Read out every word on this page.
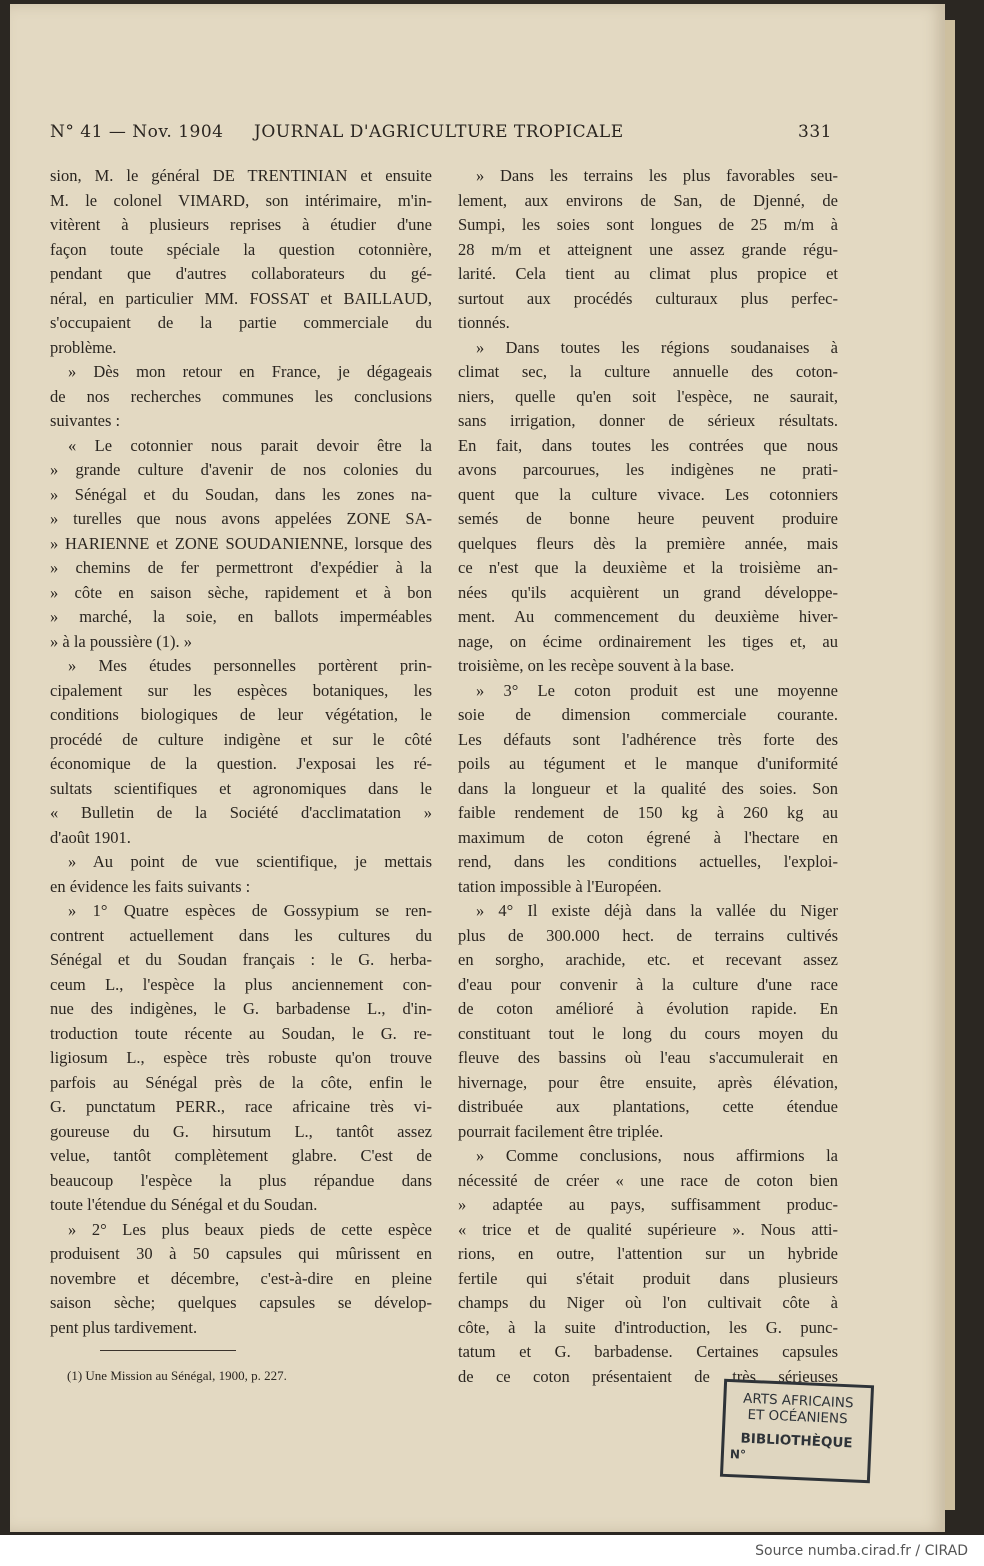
N° 41 — Nov. 1904 JOURNAL D'AGRICULTURE TROPICALE	331
sion, M. le général DE TRENTINIAN et ensuite
M. le colonel VIMARD, son intérimaire, m'in-
vitèrent à plusieurs reprises à étudier d'une
façon toute spéciale la question cotonnière,
pendant que d'autres collaborateurs du gé-
néral, en particulier MM. FOSSAT et BAILLAUD,
s'occupaient de la partie commerciale du
problème.
» Dès mon retour en France, je dégageais
de nos recherches communes les conclusions
suivantes :
« Le cotonnier nous parait devoir être la
» grande culture d'avenir de nos colonies du
» Sénégal et du Soudan, dans les zones na-
» turelles que nous avons appelées ZONE SA-
» HARIENNE et ZONE SOUDANIENNE, lorsque des
» chemins de fer permettront d'expédier à la
» côte en saison sèche, rapidement et à bon
» marché, la soie, en ballots imperméables
» à la poussière (1). »
» Mes études personnelles portèrent prin-
cipalement sur les espèces botaniques, les
conditions biologiques de leur végétation, le
procédé de culture indigène et sur le côté
économique de la question. J'exposai les ré-
sultats scientifiques et agronomiques dans le
« Bulletin de la Société d'acclimatation »
d'août 1901.
» Au point de vue scientifique, je mettais
en évidence les faits suivants :
» 1° Quatre espèces de Gossypium se ren-
contrent actuellement dans les cultures du
Sénégal et du Soudan français : le G. herba-
ceum L., l'espèce la plus anciennement con-
nue des indigènes, le G. barbadense L., d'in-
troduction toute récente au Soudan, le G. re-
ligiosum L., espèce très robuste qu'on trouve
parfois au Sénégal près de la côte, enfin le
G. punctatum PERR., race africaine très vi-
goureuse du G. hirsutum L., tantôt assez
velue, tantôt complètement glabre. C'est de
beaucoup l'espèce la plus répandue dans
toute l'étendue du Sénégal et du Soudan.
» 2° Les plus beaux pieds de cette espèce
produisent 30 à 50 capsules qui mûrissent en
novembre et décembre, c'est-à-dire en pleine
saison sèche; quelques capsules se dévelop-
pent plus tardivement.
» Dans les terrains les plus favorables seu-
lement, aux environs de San, de Djenné, de
Sumpi, les soies sont longues de 25 m/m à
28 m/m et atteignent une assez grande régu-
larité. Cela tient au climat plus propice et
surtout aux procédés culturaux plus perfec-
tionnés.
» Dans toutes les régions soudanaises à
climat sec, la culture annuelle des coton-
niers, quelle qu'en soit l'espèce, ne saurait,
sans irrigation, donner de sérieux résultats.
En fait, dans toutes les contrées que nous
avons parcourues, les indigènes ne prati-
quent que la culture vivace. Les cotonniers
semés de bonne heure peuvent produire
quelques fleurs dès la première année, mais
ce n'est que la deuxième et la troisième an-
nées qu'ils acquièrent un grand développe-
ment. Au commencement du deuxième hiver-
nage, on écime ordinairement les tiges et, au
troisième, on les recèpe souvent à la base.
» 3° Le coton produit est une moyenne
soie de dimension commerciale courante.
Les défauts sont l'adhérence très forte des
poils au tégument et le manque d'uniformité
dans la longueur et la qualité des soies. Son
faible rendement de 150 kg à 260 kg au
maximum de coton égrené à l'hectare en
rend, dans les conditions actuelles, l'exploi-
tation impossible à l'Européen.
» 4° Il existe déjà dans la vallée du Niger
plus de 300.000 hect. de terrains cultivés
en sorgho, arachide, etc. et recevant assez
d'eau pour convenir à la culture d'une race
de coton amélioré à évolution rapide. En
constituant tout le long du cours moyen du
fleuve des bassins où l'eau s'accumulerait en
hivernage, pour être ensuite, après élévation,
distribuée aux plantations, cette étendue
pourrait facilement être triplée.
» Comme conclusions, nous affirmions la
nécessité de créer « une race de coton bien
» adaptée au pays, suffisamment produc-
« trice et de qualité supérieure ». Nous atti-
rions, en outre, l'attention sur un hybride
fertile qui s'était produit dans plusieurs
champs du Niger où l'on cultivait côte à
côte, à la suite d'introduction, les G. punc-
tatum et G. barbadense. Certaines capsules
de ce coton présentaient de très sérieuses
(1) Une Mission au Sénégal, 1900, p. 227.
ARTS AFRICAINS
ET OCÉANIENS
BIBLIOTHÈQUE
N°
Source numba.cirad.fr / CIRAD
